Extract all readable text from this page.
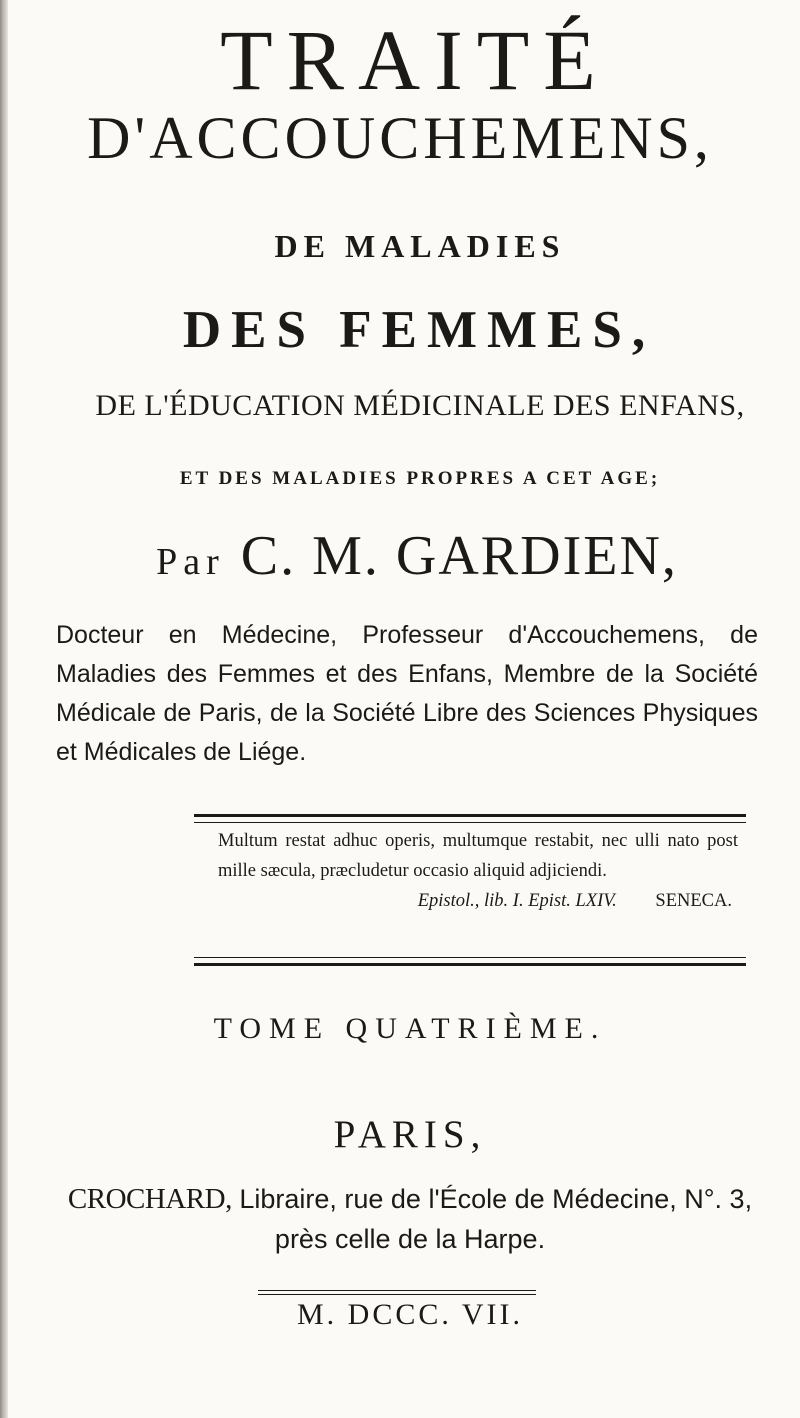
TRAITÉ
D'ACCOUCHEMENS,
DE MALADIES
DES FEMMES,
DE L'ÉDUCATION MÉDICINALE DES ENFANS,
ET DES MALADIES PROPRES A CET AGE;
Par C. M. GARDIEN,
Docteur en Médecine, Professeur d'Accouchemens, de Maladies des Femmes et des Enfans, Membre de la Société Médicale de Paris, de la Société Libre des Sciences Physiques et Médicales de Liége.
Multum restat adhuc operis, multumque restabit, nec ulli nato post mille sæcula, præcludetur occasio aliquid adjiciendi.
Epistol., lib. I. Epist. LXIV. SENECA.
TOME QUATRIÈME.
PARIS,
CROCHARD, Libraire, rue de l'École de Médecine, N°. 3,
près celle de la Harpe.
M. DCCC. VII.
